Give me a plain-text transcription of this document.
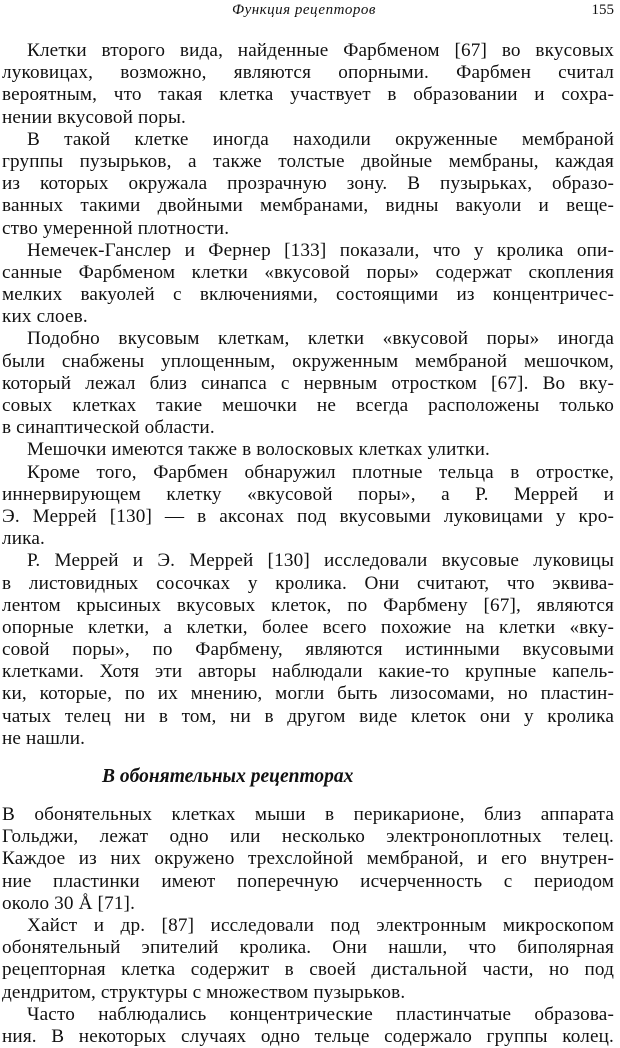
Функция рецепторов	155
Клетки второго вида, найденные Фарбменом [67] во вкусовых
луковицах, возможно, являются опорными. Фарбмен считал
вероятным, что такая клетка участвует в образовании и сохра-
нении вкусовой поры.
В такой клетке иногда находили окруженные мембраной
группы пузырьков, а также толстые двойные мембраны, каждая
из которых окружала прозрачную зону. В пузырьках, образо-
ванных такими двойными мембранами, видны вакуоли и веще-
ство умеренной плотности.
Немечек-Ганслер и Фернер [133] показали, что у кролика опи-
санные Фарбменом клетки «вкусовой поры» содержат скопления
мелких вакуолей с включениями, состоящими из концентричес-
ких слоев.
Подобно вкусовым клеткам, клетки «вкусовой поры» иногда
были снабжены уплощенным, окруженным мембраной мешочком,
который лежал близ синапса с нервным отростком [67]. Во вку-
совых клетках такие мешочки не всегда расположены только
в синаптической области.
Мешочки имеются также в волосковых клетках улитки.
Кроме того, Фарбмен обнаружил плотные тельца в отростке,
иннервирующем клетку «вкусовой поры», а Р. Меррей и
Э. Меррей [130] — в аксонах под вкусовыми луковицами у кро-
лика.
Р. Меррей и Э. Меррей [130] исследовали вкусовые луковицы
в листовидных сосочках у кролика. Они считают, что эквива-
лентом крысиных вкусовых клеток, по Фарбмену [67], являются
опорные клетки, а клетки, более всего похожие на клетки «вку-
совой поры», по Фарбмену, являются истинными вкусовыми
клетками. Хотя эти авторы наблюдали какие-то крупные капель-
ки, которые, по их мнению, могли быть лизосомами, но пластин-
чатых телец ни в том, ни в другом виде клеток они у кролика
не нашли.
В обонятельных рецепторах
В обонятельных клетках мыши в перикарионе, близ аппарата
Гольджи, лежат одно или несколько электроноплотных телец.
Каждое из них окружено трехслойной мембраной, и его внутрен-
ние пластинки имеют поперечную исчерченность с периодом
около 30 Å [71].
Хайст и др. [87] исследовали под электронным микроскопом
обонятельный эпителий кролика. Они нашли, что биполярная
рецепторная клетка содержит в своей дистальной части, но под
дендритом, структуры с множеством пузырьков.
Часто наблюдались концентрические пластинчатые образова-
ния. В некоторых случаях одно тельце содержало группы колец.
